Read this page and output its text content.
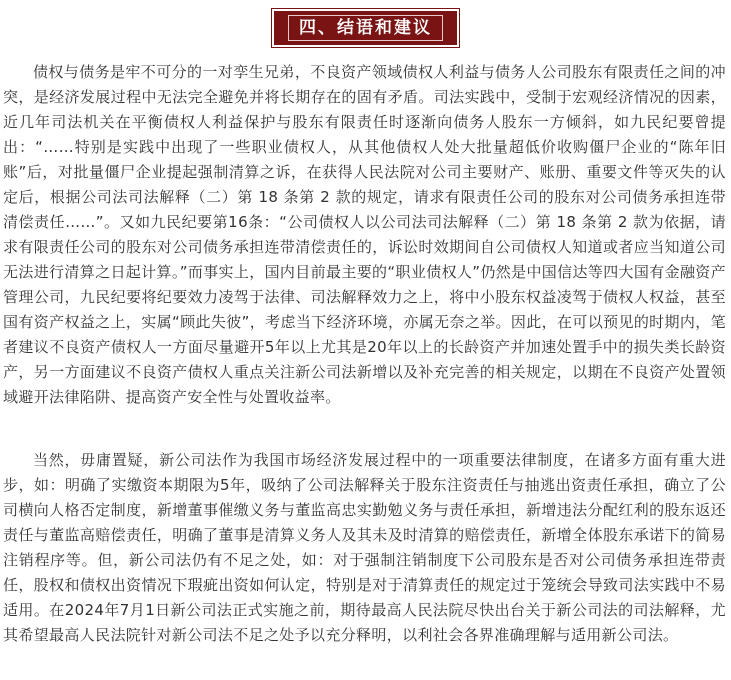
四、结语和建议

债权与债务是牢不可分的一对孪生兄弟，不良资产领域债权人利益与债务人公司股东有限责任之间的冲突，是经济发展过程中无法完全避免并将长期存在的固有矛盾。司法实践中，受制于宏观经济情况的因素，近几年司法机关在平衡债权人利益保护与股东有限责任时逐渐向债务人股东一方倾斜，如九民纪要曾提出：“……特别是实践中出现了一些职业债权人，从其他债权人处大批量超低价收购僵尸企业的“陈年旧账”后，对批量僵尸企业提起强制清算之诉，在获得人民法院对公司主要财产、账册、重要文件等灭失的认定后，根据公司法司法解释（二）第 18 条第 2 款的规定，请求有限责任公司的股东对公司债务承担连带清偿责任……”。又如九民纪要第16条：“公司债权人以公司法司法解释（二）第 18 条第 2 款为依据，请求有限责任公司的股东对公司债务承担连带清偿责任的，诉讼时效期间自公司债权人知道或者应当知道公司无法进行清算之日起计算。”而事实上，国内目前最主要的“职业债权人”仍然是中国信达等四大国有金融资产管理公司，九民纪要将纪要效力凌驾于法律、司法解释效力之上，将中小股东权益凌驾于债权人权益，甚至国有资产权益之上，实属“顾此失彼”，考虑当下经济环境，亦属无奈之举。因此，在可以预见的时期内，笔者建议不良资产债权人一方面尽量避开5年以上尤其是20年以上的长龄资产并加速处置手中的损失类长龄资产，另一方面建议不良资产债权人重点关注新公司法新增以及补充完善的相关规定，以期在不良资产处置领域避开法律陷阱、提高资产安全性与处置收益率。

当然，毋庸置疑，新公司法作为我国市场经济发展过程中的一项重要法律制度，在诸多方面有重大进步，如：明确了实缴资本期限为5年，吸纳了公司法解释关于股东注资责任与抽逃出资责任承担，确立了公司横向人格否定制度，新增董事催缴义务与董监高忠实勤勉义务与责任承担，新增违法分配红利的股东返还责任与董监高赔偿责任，明确了董事是清算义务人及其未及时清算的赔偿责任，新增全体股东承诺下的简易注销程序等。但，新公司法仍有不足之处，如：对于强制注销制度下公司股东是否对公司债务承担连带责任，股权和债权出资情况下瑕疵出资如何认定，特别是对于清算责任的规定过于笼统会导致司法实践中不易适用。在2024年7月1日新公司法正式实施之前，期待最高人民法院尽快出台关于新公司法的司法解释，尤其希望最高人民法院针对新公司法不足之处予以充分释明，以利社会各界准确理解与适用新公司法。
